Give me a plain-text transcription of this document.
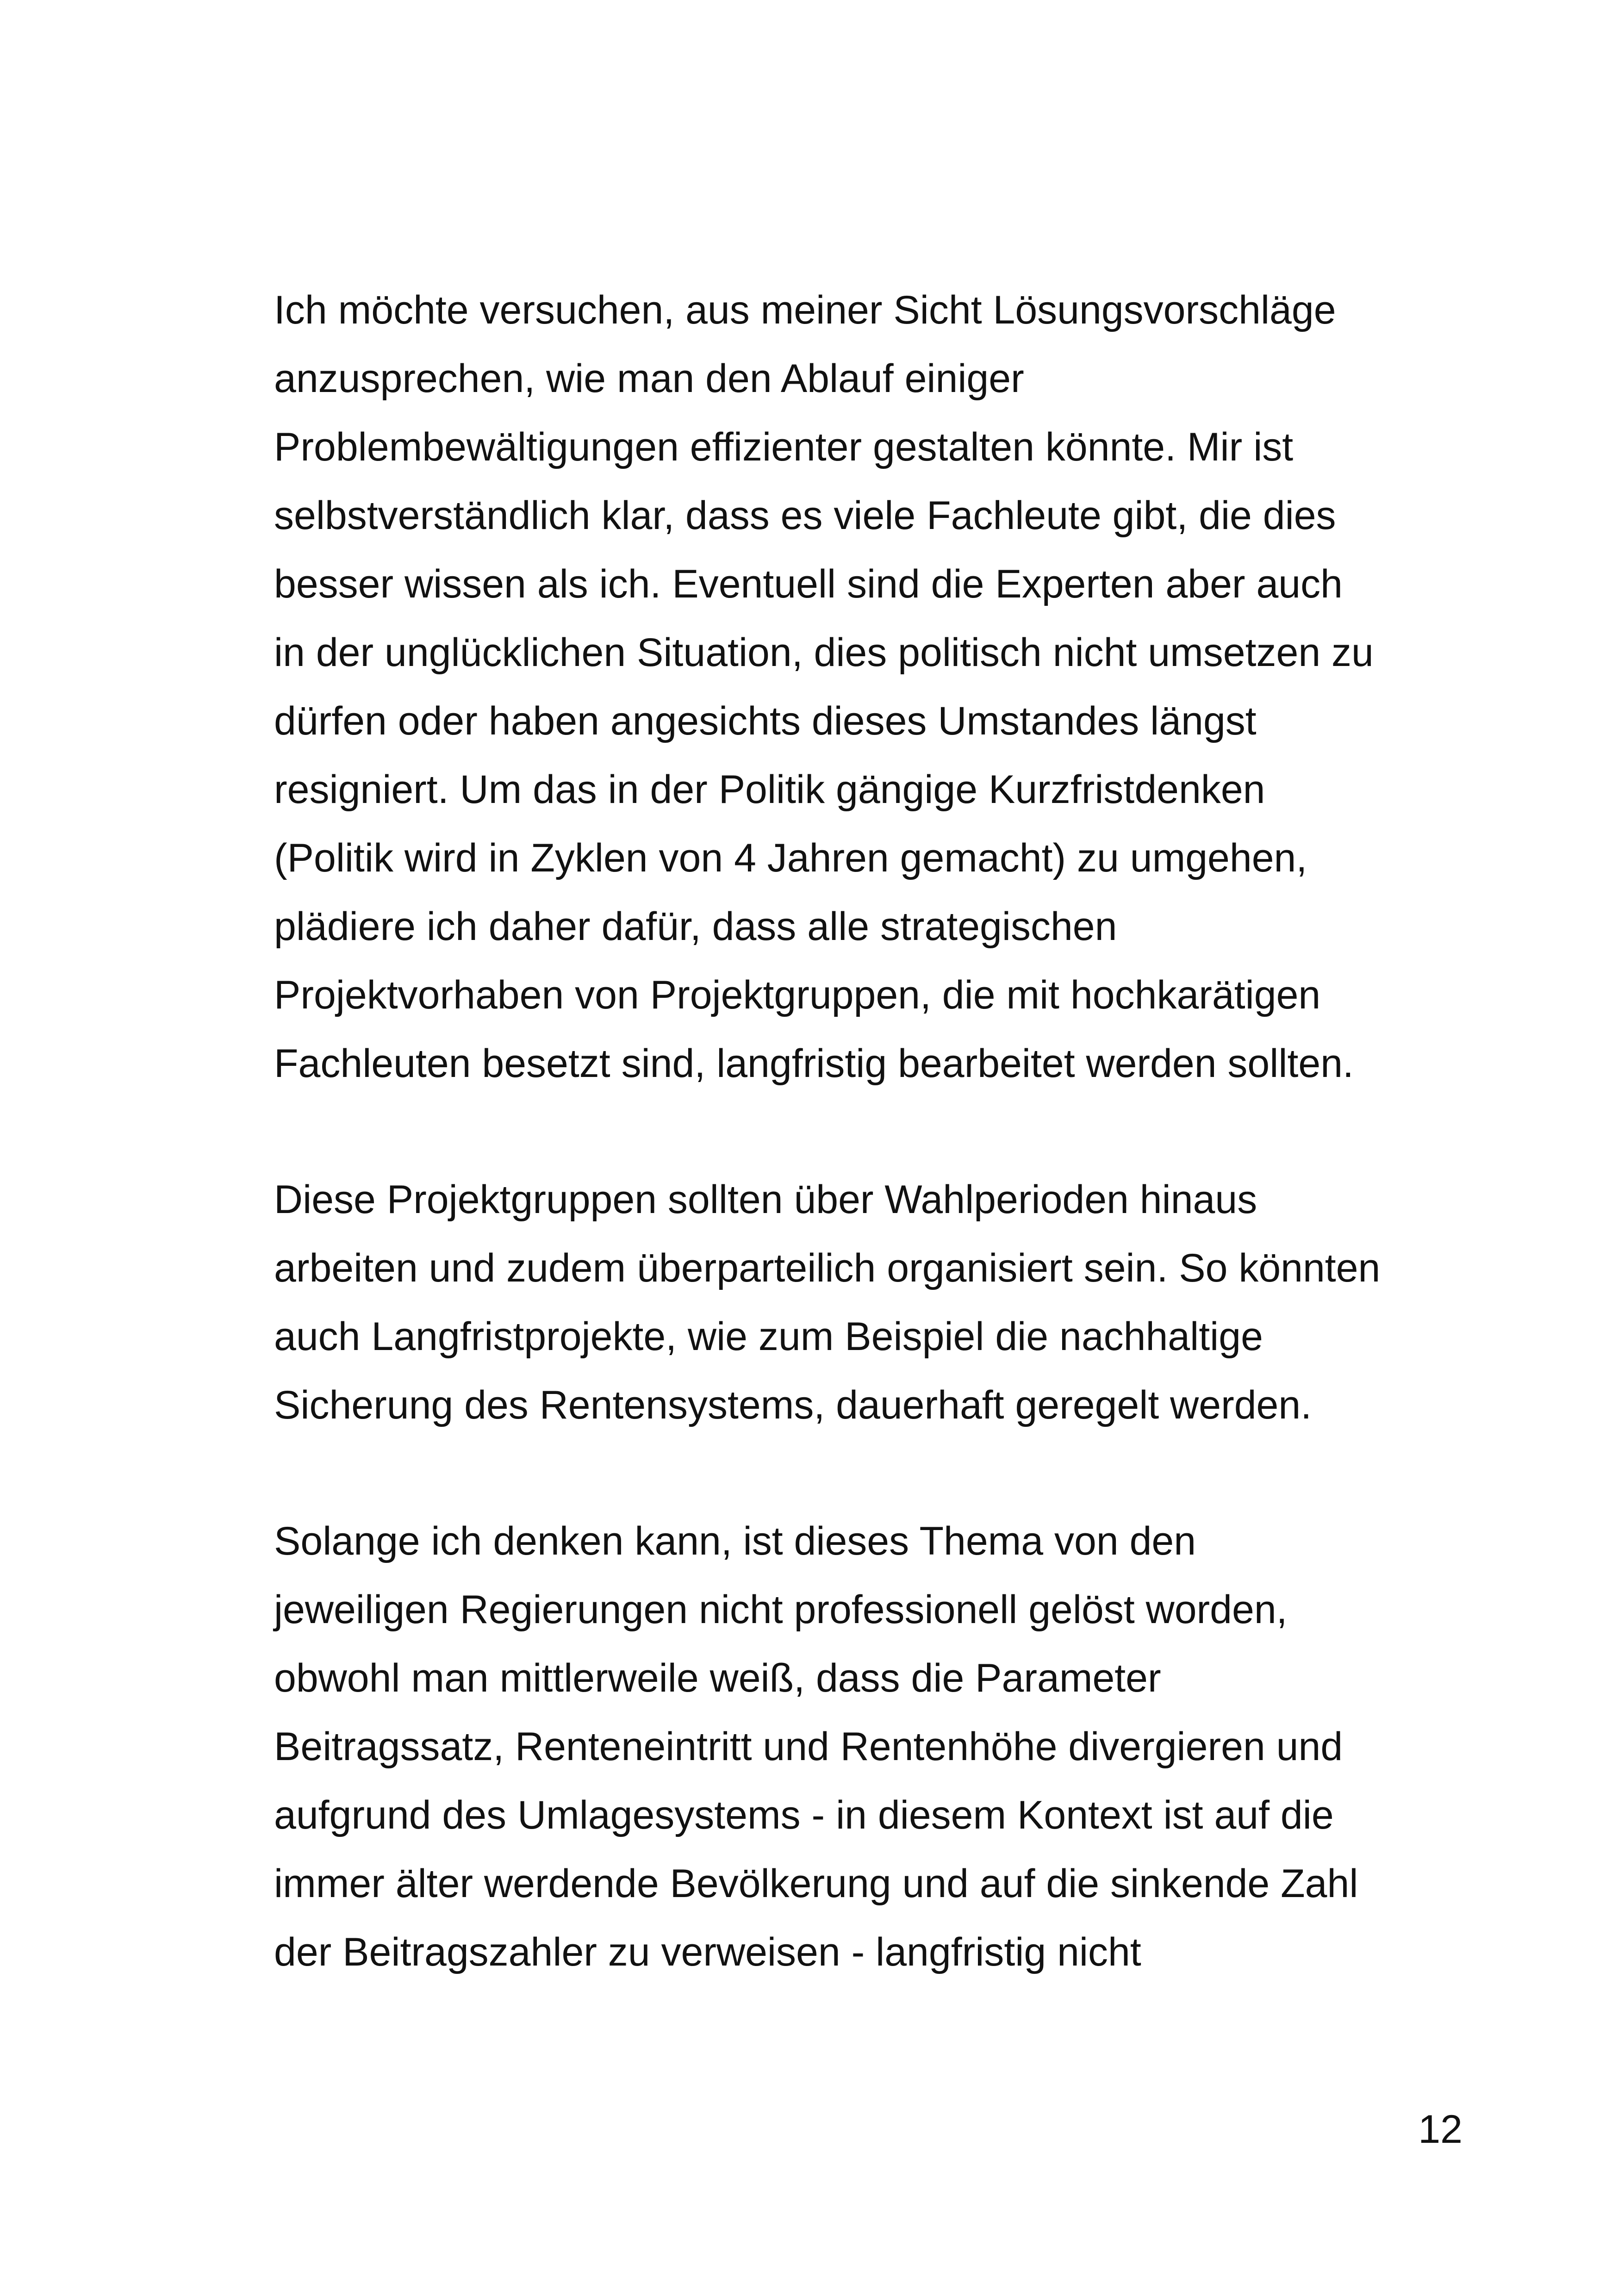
Ich möchte versuchen, aus meiner Sicht Lösungsvorschläge
anzusprechen, wie man den Ablauf einiger
Problembewältigungen effizienter gestalten könnte. Mir ist
selbstverständlich klar, dass es viele Fachleute gibt, die dies
besser wissen als ich. Eventuell sind die Experten aber auch
in der unglücklichen Situation, dies politisch nicht umsetzen zu
dürfen oder haben angesichts dieses Umstandes längst
resigniert. Um das in der Politik gängige Kurzfristdenken
(Politik wird in Zyklen von 4 Jahren gemacht) zu umgehen,
plädiere ich daher dafür, dass alle strategischen
Projektvorhaben von Projektgruppen, die mit hochkarätigen
Fachleuten besetzt sind, langfristig bearbeitet werden sollten.
Diese Projektgruppen sollten über Wahlperioden hinaus
arbeiten und zudem überparteilich organisiert sein. So könnten
auch Langfristprojekte, wie zum Beispiel die nachhaltige
Sicherung des Rentensystems, dauerhaft geregelt werden.
Solange ich denken kann, ist dieses Thema von den
jeweiligen Regierungen nicht professionell gelöst worden,
obwohl man mittlerweile weiß, dass die Parameter
Beitragssatz, Renteneintritt und Rentenhöhe divergieren und
aufgrund des Umlagesystems - in diesem Kontext ist auf die
immer älter werdende Bevölkerung und auf die sinkende Zahl
der Beitragszahler zu verweisen - langfristig nicht
12
